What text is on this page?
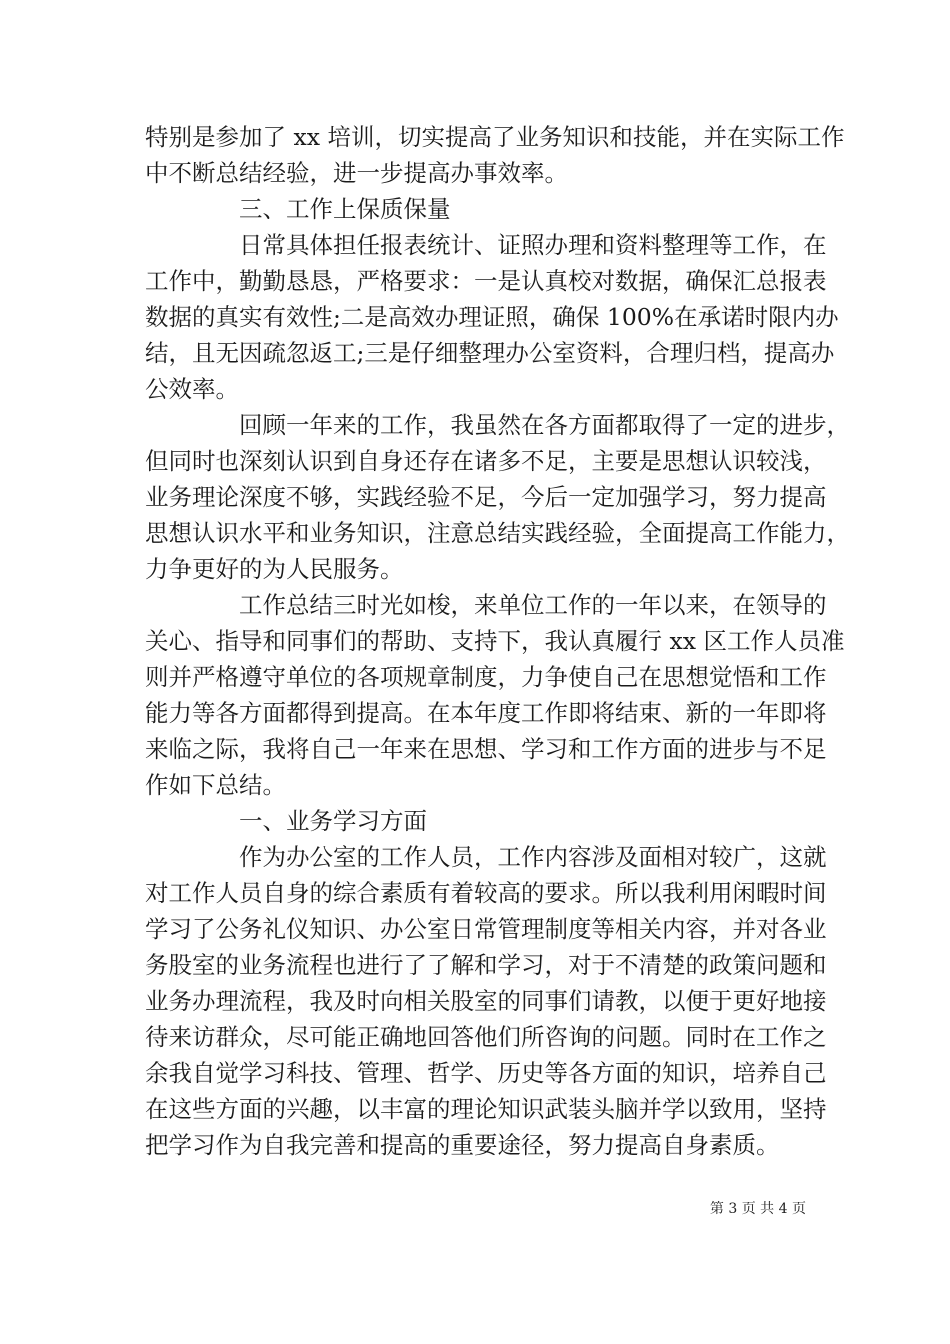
特别是参加了 xx 培训，切实提高了业务知识和技能，并在实际工作
中不断总结经验，进一步提高办事效率。
三、工作上保质保量
日常具体担任报表统计、证照办理和资料整理等工作，在
工作中，勤勤恳恳，严格要求：一是认真校对数据，确保汇总报表
数据的真实有效性;二是高效办理证照，确保 100%在承诺时限内办
结，且无因疏忽返工;三是仔细整理办公室资料，合理归档，提高办
公效率。
回顾一年来的工作，我虽然在各方面都取得了一定的进步，
但同时也深刻认识到自身还存在诸多不足，主要是思想认识较浅，
业务理论深度不够，实践经验不足，今后一定加强学习，努力提高
思想认识水平和业务知识，注意总结实践经验，全面提高工作能力，
力争更好的为人民服务。
工作总结三时光如梭，来单位工作的一年以来，在领导的
关心、指导和同事们的帮助、支持下，我认真履行 xx 区工作人员准
则并严格遵守单位的各项规章制度，力争使自己在思想觉悟和工作
能力等各方面都得到提高。在本年度工作即将结束、新的一年即将
来临之际，我将自己一年来在思想、学习和工作方面的进步与不足
作如下总结。
一、业务学习方面
作为办公室的工作人员，工作内容涉及面相对较广，这就
对工作人员自身的综合素质有着较高的要求。所以我利用闲暇时间
学习了公务礼仪知识、办公室日常管理制度等相关内容，并对各业
务股室的业务流程也进行了了解和学习，对于不清楚的政策问题和
业务办理流程，我及时向相关股室的同事们请教，以便于更好地接
待来访群众，尽可能正确地回答他们所咨询的问题。同时在工作之
余我自觉学习科技、管理、哲学、历史等各方面的知识，培养自己
在这些方面的兴趣，以丰富的理论知识武装头脑并学以致用，坚持
把学习作为自我完善和提高的重要途径，努力提高自身素质。
第 3 页 共 4 页
